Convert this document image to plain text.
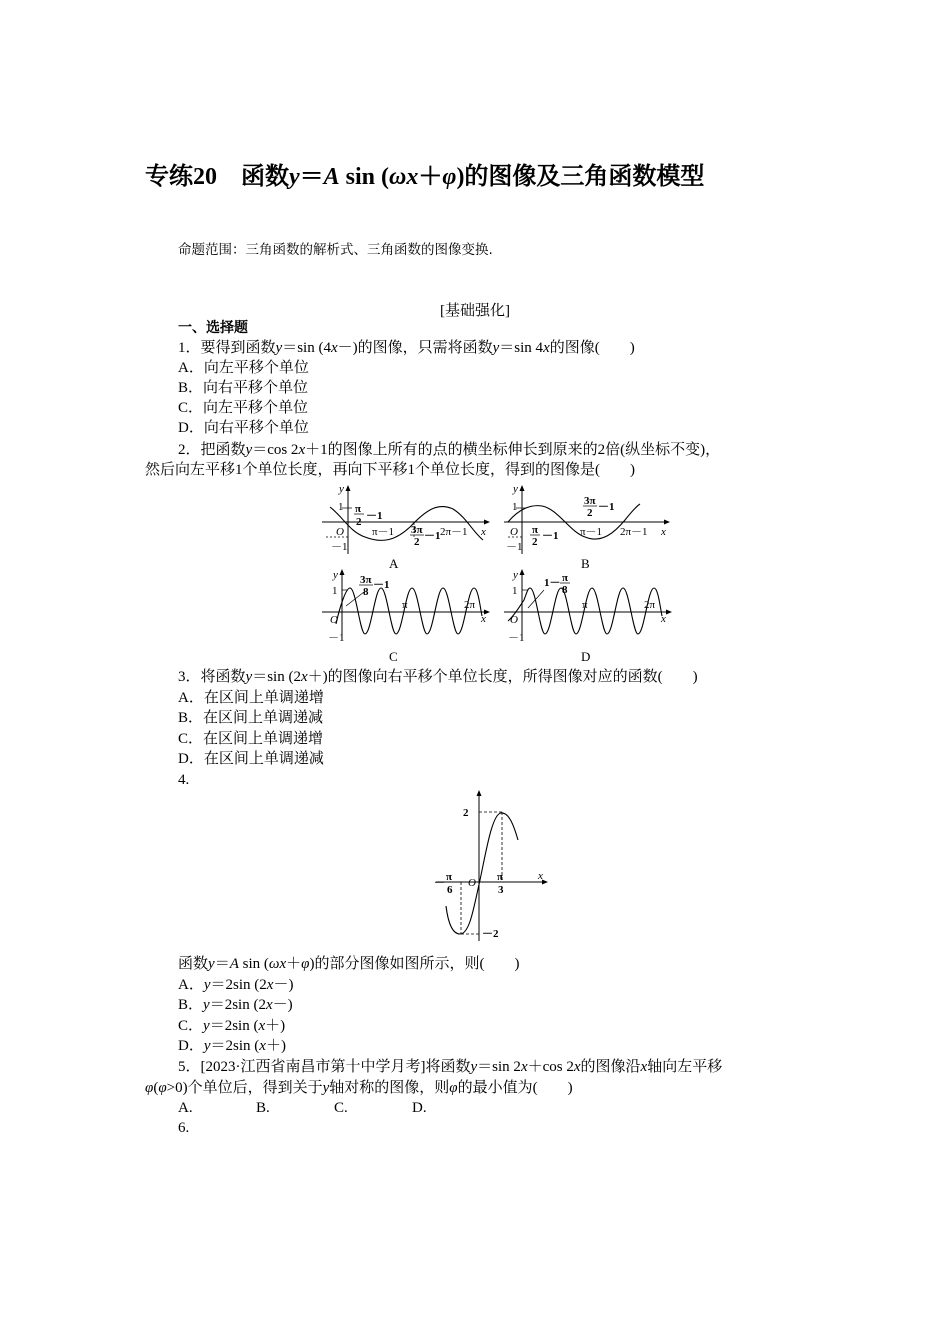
专练20　函数y＝A sin (ωx＋φ)的图像及三角函数模型
命题范围：三角函数的解析式、三角函数的图像变换.
[基础强化]
一、选择题
1．要得到函数y＝sin (4x－)的图像，只需将函数y＝sin 4x的图像(　　)
A．向左平移个单位
B．向右平移个单位
C．向左平移个单位
D．向右平移个单位
2．把函数y＝cos 2x＋1的图像上所有的点的横坐标伸长到原来的2倍(纵坐标不变)，
然后向左平移1个单位长度，再向下平移1个单位长度，得到的图像是(　　)
y
1 π
2 －1
O	π－1 3π
2 －1 2π－1 x
－1
A
y
1	3π
2 －1
O π
2 －1 π－1 2π－1 x
－1
B
y 3π
8
－1
1
π	2π
O	x
－1
C
y
1－ π
8
1
π	2π
O	x
－1
D
3．将函数y＝sin (2x＋)的图像向右平移个单位长度，所得图像对应的函数(　　)
A．在区间上单调递增
B．在区间上单调递减
C．在区间上单调递增
D．在区间上单调递减
4.
2
－2
－ π
6
O π
3
x
函数y＝A sin (ωx＋φ)的部分图像如图所示，则(　　)
A．y＝2sin (2x－)
B．y＝2sin (2x－)
C．y＝2sin (x＋)
D．y＝2sin (x＋)
5．[2023·江西省南昌市第十中学月考]将函数y＝sin 2x＋cos 2x的图像沿x轴向左平移
φ(φ>0)个单位后，得到关于y轴对称的图像，则φ的最小值为(　　)
A.	B.	C.	D.
6.
